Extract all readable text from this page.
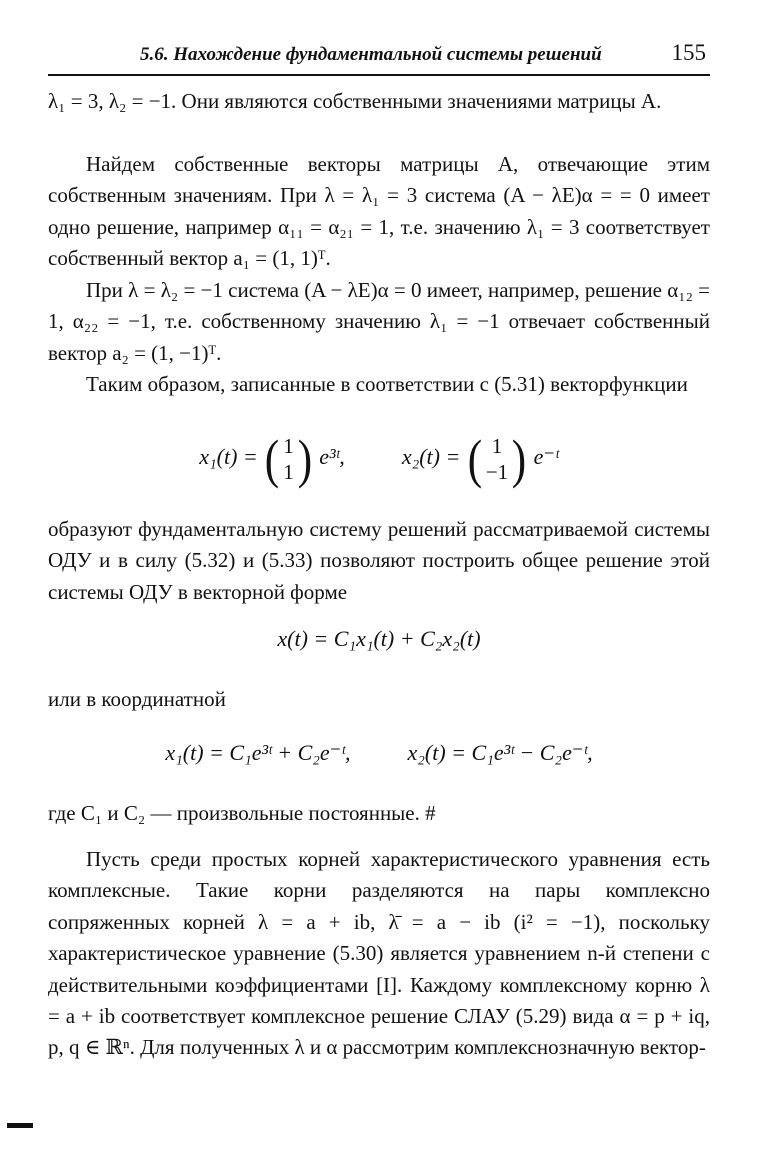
5.6. Нахождение фундаментальной системы решений	155

λ₁ = 3, λ₂ = −1. Они являются собственными значениями матрицы A.

Найдем собственные векторы матрицы A, отвечающие этим собственным значениям. При λ = λ₁ = 3 система (A − λE)α = = 0 имеет одно решение, например α₁₁ = α₂₁ = 1, т.е. значению λ₁ = 3 соответствует собственный вектор a₁ = (1, 1)ᵀ.

При λ = λ₂ = −1 система (A − λE)α = 0 имеет, например, решение α₁₂ = 1, α₂₂ = −1, т.е. собственному значению λ₁ = −1 отвечает собственный вектор a₂ = (1, −1)ᵀ.

Таким образом, записанные в соответствии с (5.31) векторфункции

x₁(t) = ( 1
1 ) e³ᵗ,	x₂(t) = ( 1
−1 ) e⁻ᵗ

образуют фундаментальную систему решений рассматриваемой системы ОДУ и в силу (5.32) и (5.33) позволяют построить общее решение этой системы ОДУ в векторной форме

x(t) = C₁x₁(t) + C₂x₂(t)

или в координатной

x₁(t) = C₁e³ᵗ + C₂e⁻ᵗ,	x₂(t) = C₁e³ᵗ − C₂e⁻ᵗ,

где C₁ и C₂ — произвольные постоянные. #

Пусть среди простых корней характеристического уравнения есть комплексные. Такие корни разделяются на пары комплексно сопряженных корней λ = a + ib, λ̄ = a − ib (i² = −1), поскольку характеристическое уравнение (5.30) является уравнением n-й степени с действительными коэффициентами [I]. Каждому комплексному корню λ = a + ib соответствует комплексное решение СЛАУ (5.29) вида α = p + iq, p, q ∈ ℝⁿ. Для полученных λ и α рассмотрим комплекснозначную вектор-
